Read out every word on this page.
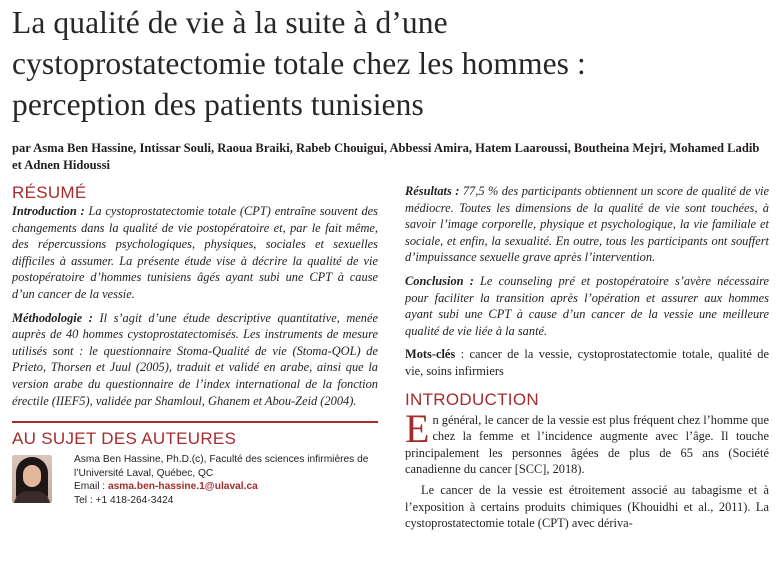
La qualité de vie à la suite à d’une
cystoprostatectomie totale chez les hommes :
perception des patients tunisiens
par Asma Ben Hassine, Intissar Souli, Raoua Braiki, Rabeb Chouigui, Abbessi Amira, Hatem Laaroussi, Boutheina Mejri, Mohamed Ladib et Adnen Hidoussi
RÉSUMÉ

Introduction : La cystoprostatectomie totale (CPT) entraîne souvent des changements dans la qualité de vie postopératoire et, par le fait même, des répercussions psychologiques, physiques, sociales et sexuelles difficiles à assumer. La présente étude vise à décrire la qualité de vie postopératoire d’hommes tunisiens âgés ayant subi une CPT à cause d’un cancer de la vessie.

Méthodologie : Il s’agit d’une étude descriptive quantitative, menée auprès de 40 hommes cystoprostatectomisés. Les instruments de mesure utilisés sont : le questionnaire Stoma-Qualité de vie (Stoma-QOL) de Prieto, Thorsen et Juul (2005), traduit et validé en arabe, ainsi que la version arabe du questionnaire de l’index international de la fonction érectile (IIEF5), validée par Shamloul, Ghanem et Abou-Zeid (2004).

AU SUJET DES AUTEURES
Asma Ben Hassine, Ph.D.(c), Faculté des sciences infirmières de
l’Université Laval, Québec, QC
Email : asma.ben-hassine.1@ulaval.ca
Tel : +1 418-264-3424

Résultats : 77,5 % des participants obtiennent un score de qualité de vie médiocre. Toutes les dimensions de la qualité de vie sont touchées, à savoir l’image corporelle, physique et psychologique, la vie familiale et sociale, et enfin, la sexualité. En outre, tous les participants ont souffert d’impuissance sexuelle grave après l’intervention.

Conclusion : Le counseling pré et postopératoire s’avère nécessaire pour faciliter la transition après l’opération et assurer aux hommes ayant subi une CPT à cause d’un cancer de la vessie une meilleure qualité de vie liée à la santé.

Mots-clés : cancer de la vessie, cystoprostatectomie totale, qualité de vie, soins infirmiers

INTRODUCTION

En général, le cancer de la vessie est plus fréquent chez l’homme que chez la femme et l’incidence augmente avec l’âge. Il touche principalement les personnes âgées de plus de 65 ans (Société canadienne du cancer [SCC], 2018).

Le cancer de la vessie est étroitement associé au tabagisme et à l’exposition à certains produits chimiques (Khouidhi et al., 2011). La cystoprostatectomie totale (CPT) avec dériva-
